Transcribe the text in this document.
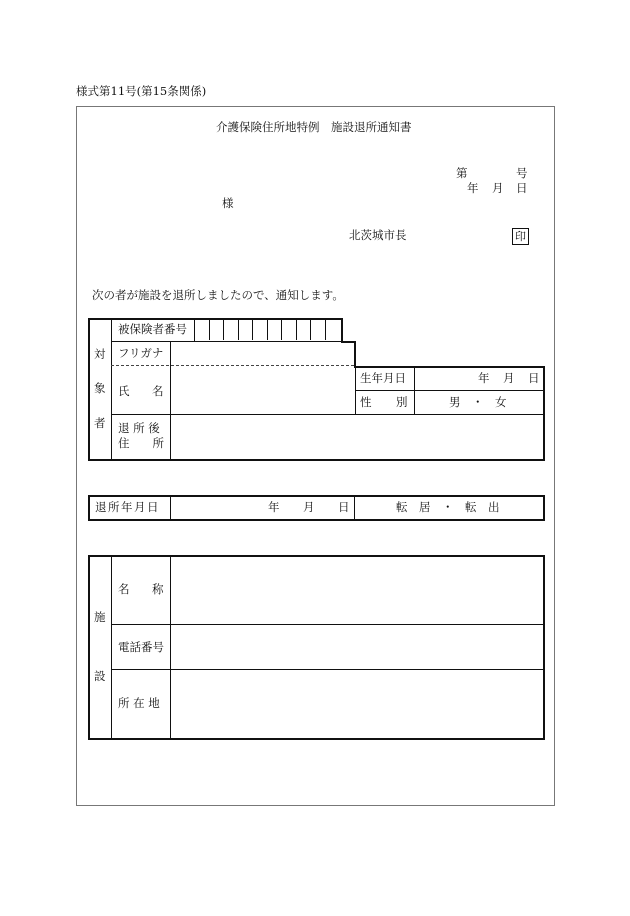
様式第11号(第15条関係)
介護保険住所地特例　施設退所通知書
第	号
年 月 日
様
北茨城市長	印
次の者が施設を退所しましたので、通知します。
対
象
者
被保険者番号
フリガナ
氏 名
生年月日	年 月 日
性 別	男　・　女
退 所 後
住　　所
退所年月日	年 月 日	転　居　・　転　出
施
設
名 称
電話番号
所 在 地
